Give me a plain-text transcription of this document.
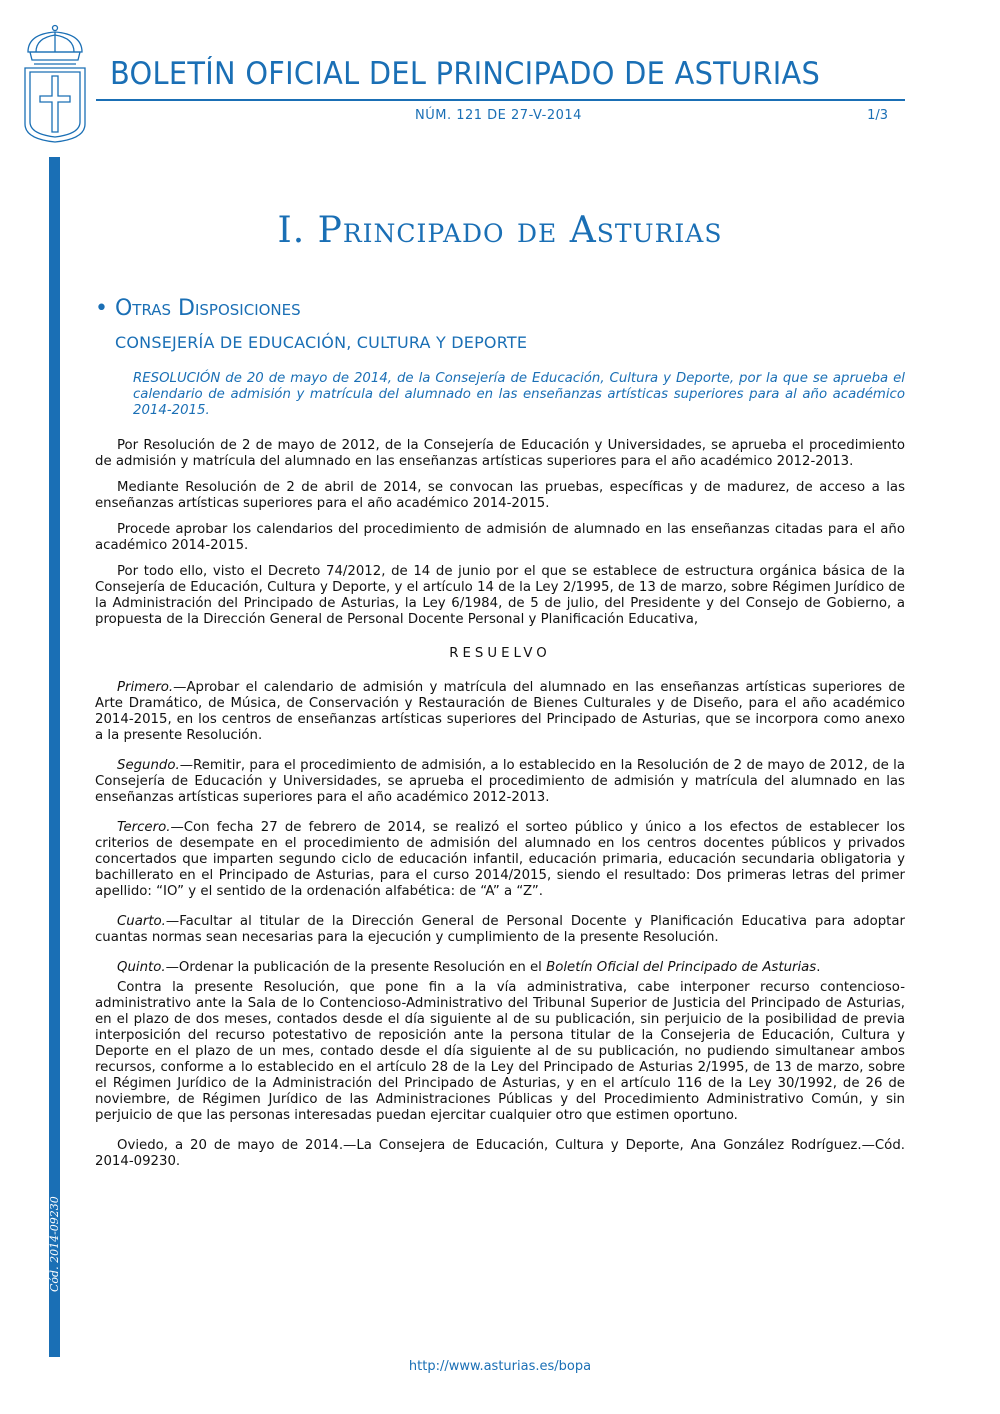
BOLETÍN OFICIAL DEL PRINCIPADO DE ASTURIAS
NÚM. 121 DE 27-V-2014	1/3
Cód. 2014-09230
I. Principado de Asturias
• Otras Disposiciones
CONSEJERÍA DE EDUCACIÓN, CULTURA Y DEPORTE
RESOLUCIÓN de 20 de mayo de 2014, de la Consejería de Educación, Cultura y Deporte, por la que se aprueba el calendario de admisión y matrícula del alumnado en las enseñanzas artísticas superiores para al año académico 2014-2015.

Por Resolución de 2 de mayo de 2012, de la Consejería de Educación y Universidades, se aprueba el procedimiento de admisión y matrícula del alumnado en las enseñanzas artísticas superiores para el año académico 2012-2013.

Mediante Resolución de 2 de abril de 2014, se convocan las pruebas, específicas y de madurez, de acceso a las enseñanzas artísticas superiores para el año académico 2014-2015.

Procede aprobar los calendarios del procedimiento de admisión de alumnado en las enseñanzas citadas para el año académico 2014-2015.

Por todo ello, visto el Decreto 74/2012, de 14 de junio por el que se establece de estructura orgánica básica de la Consejería de Educación, Cultura y Deporte, y el artículo 14 de la Ley 2/1995, de 13 de marzo, sobre Régimen Jurídico de la Administración del Principado de Asturias, la Ley 6/1984, de 5 de julio, del Presidente y del Consejo de Gobierno, a propuesta de la Dirección General de Personal Docente Personal y Planificación Educativa,

RESUELVO

Primero.—Aprobar el calendario de admisión y matrícula del alumnado en las enseñanzas artísticas superiores de Arte Dramático, de Música, de Conservación y Restauración de Bienes Culturales y de Diseño, para el año académico 2014-2015, en los centros de enseñanzas artísticas superiores del Principado de Asturias, que se incorpora como anexo a la presente Resolución.

Segundo.—Remitir, para el procedimiento de admisión, a lo establecido en la Resolución de 2 de mayo de 2012, de la Consejería de Educación y Universidades, se aprueba el procedimiento de admisión y matrícula del alumnado en las enseñanzas artísticas superiores para el año académico 2012-2013.

Tercero.—Con fecha 27 de febrero de 2014, se realizó el sorteo público y único a los efectos de establecer los criterios de desempate en el procedimiento de admisión del alumnado en los centros docentes públicos y privados concertados que imparten segundo ciclo de educación infantil, educación primaria, educación secundaria obligatoria y bachillerato en el Principado de Asturias, para el curso 2014/2015, siendo el resultado: Dos primeras letras del primer apellido: “IO” y el sentido de la ordenación alfabética: de “A” a “Z”.

Cuarto.—Facultar al titular de la Dirección General de Personal Docente y Planificación Educativa para adoptar cuantas normas sean necesarias para la ejecución y cumplimiento de la presente Resolución.

Quinto.—Ordenar la publicación de la presente Resolución en el Boletín Oficial del Principado de Asturias.

Contra la presente Resolución, que pone fin a la vía administrativa, cabe interponer recurso contencioso-administrativo ante la Sala de lo Contencioso-Administrativo del Tribunal Superior de Justicia del Principado de Asturias, en el plazo de dos meses, contados desde el día siguiente al de su publicación, sin perjuicio de la posibilidad de previa interposición del recurso potestativo de reposición ante la persona titular de la Consejeria de Educación, Cultura y Deporte en el plazo de un mes, contado desde el día siguiente al de su publicación, no pudiendo simultanear ambos recursos, conforme a lo establecido en el artículo 28 de la Ley del Principado de Asturias 2/1995, de 13 de marzo, sobre el Régimen Jurídico de la Administración del Principado de Asturias, y en el artículo 116 de la Ley 30/1992, de 26 de noviembre, de Régimen Jurídico de las Administraciones Públicas y del Procedimiento Administrativo Común, y sin perjuicio de que las personas interesadas puedan ejercitar cualquier otro que estimen oportuno.

Oviedo, a 20 de mayo de 2014.—La Consejera de Educación, Cultura y Deporte, Ana González Rodríguez.—Cód. 2014-09230.

http://www.asturias.es/bopa
